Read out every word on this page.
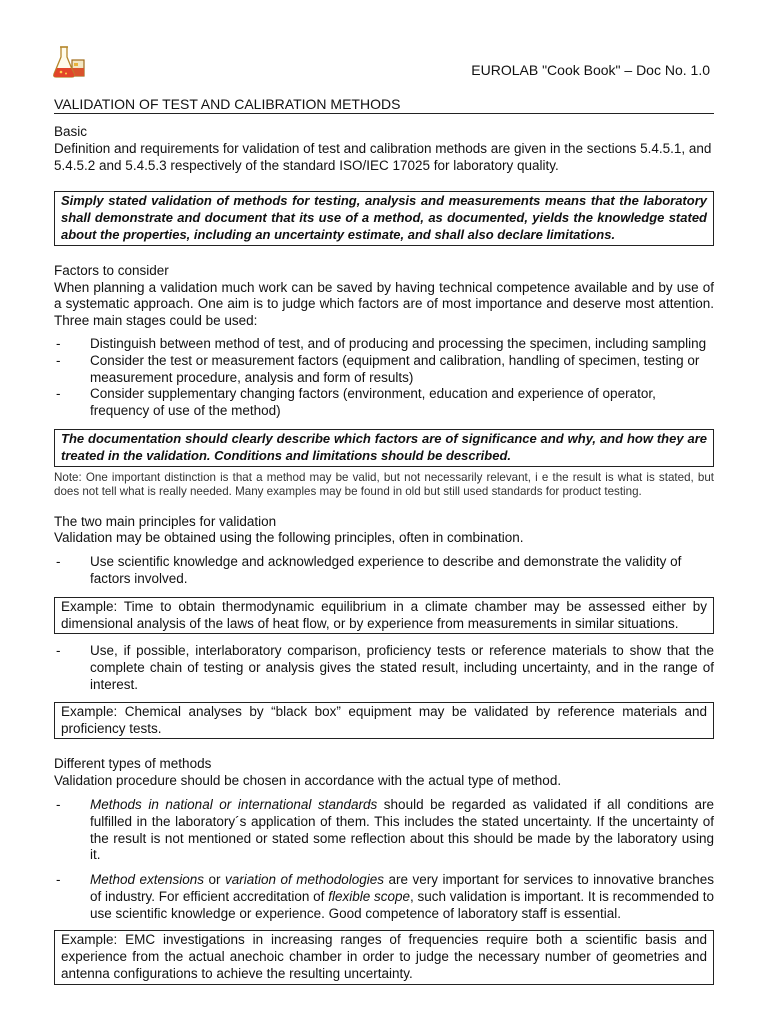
EUROLAB "Cook Book" – Doc No. 1.0
VALIDATION OF TEST AND CALIBRATION METHODS
Basic

Definition and requirements for validation of test and calibration methods are given in the sections 5.4.5.1, and 5.4.5.2 and 5.4.5.3 respectively of the standard ISO/IEC 17025 for laboratory quality.

Simply stated validation of methods for testing, analysis and measurements means that the laboratory shall demonstrate and document that its use of a method, as documented, yields the knowledge stated about the properties, including an uncertainty estimate, and shall also declare limitations.
Factors to consider

When planning a validation much work can be saved by having technical competence available and by use of a systematic approach. One aim is to judge which factors are of most importance and deserve most attention. Three main stages could be used:

- Distinguish between method of test, and of producing and processing the specimen, including sampling
- Consider the test or measurement factors (equipment and calibration, handling of specimen, testing or measurement procedure, analysis and form of results)
- Consider supplementary changing factors (environment, education and experience of operator, frequency of use of the method)
The documentation should clearly describe which factors are of significance and why, and how they are treated in the validation. Conditions and limitations should be described.

Note: One important distinction is that a method may be valid, but not necessarily relevant, i e the result is what is stated, but does not tell what is really needed. Many examples may be found in old but still used standards for product testing.

The two main principles for validation

Validation may be obtained using the following principles, often in combination.

- Use scientific knowledge and acknowledged experience to describe and demonstrate the validity of factors involved.
Example: Time to obtain thermodynamic equilibrium in a climate chamber may be assessed either by dimensional analysis of the laws of heat flow, or by experience from measurements in similar situations.
- Use, if possible, interlaboratory comparison, proficiency tests or reference materials to show that the complete chain of testing or analysis gives the stated result, including uncertainty, and in the range of interest.
Example: Chemical analyses by “black box” equipment may be validated by reference materials and proficiency tests.
Different types of methods

Validation procedure should be chosen in accordance with the actual type of method.

- Methods in national or international standards should be regarded as validated if all conditions are fulfilled in the laboratory´s application of them. This includes the stated uncertainty. If the uncertainty of the result is not mentioned or stated some reflection about this should be made by the laboratory using it.
- Method extensions or variation of methodologies are very important for services to innovative branches of industry. For efficient accreditation of flexible scope, such validation is important. It is recommended to use scientific knowledge or experience. Good competence of laboratory staff is essential.
Example: EMC investigations in increasing ranges of frequencies require both a scientific basis and experience from the actual anechoic chamber in order to judge the necessary number of geometries and antenna configurations to achieve the resulting uncertainty.
